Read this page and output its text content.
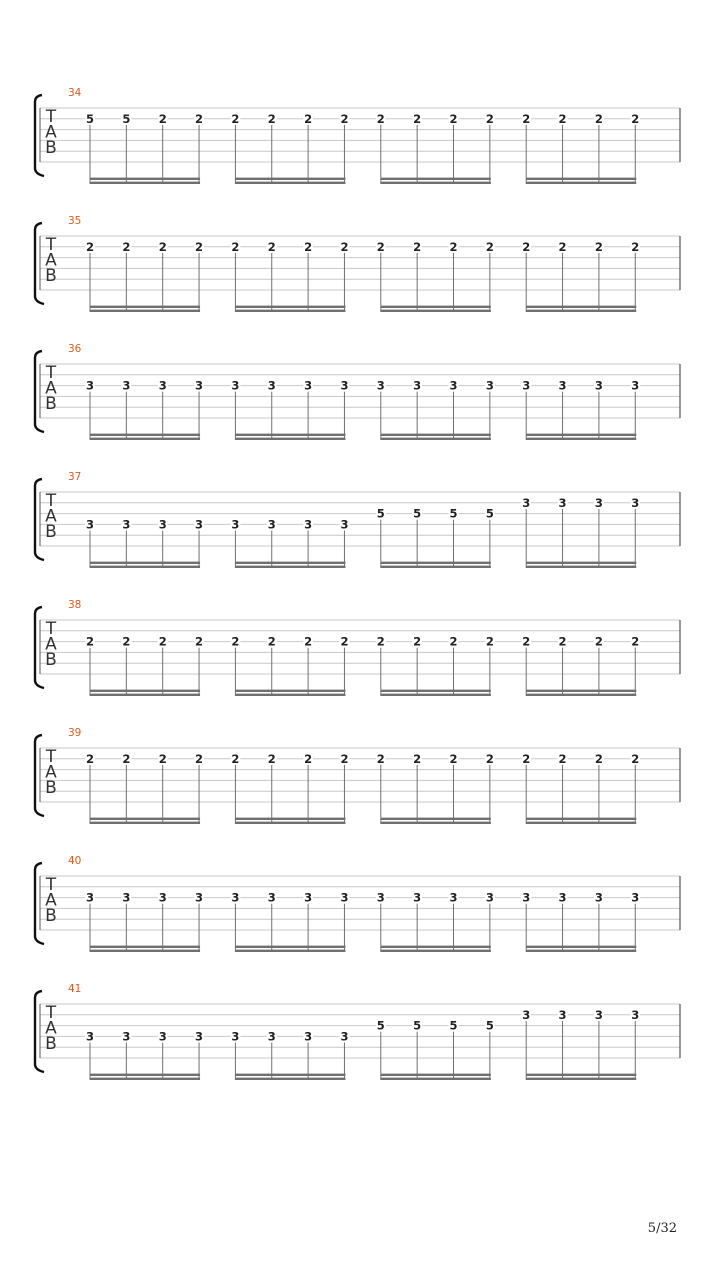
34
T
A
B
5 5 2 2 2 2 2 2 2 2 2 2 2 2 2 2
35
T
A
B
2 2 2 2 2 2 2 2 2 2 2 2 2 2 2 2
36
T
A
B
3 3 3 3 3 3 3 3 3 3 3 3 3 3 3 3
37
T
A
B	3 3 3 3 3 3 3 3
5 5 5 5
3 3 3 3
38
T
A
B
2 2 2 2 2 2 2 2 2 2 2 2 2 2 2 2
39
T
A
B
2 2 2 2 2 2 2 2 2 2 2 2 2 2 2 2
40
T
A
B
3 3 3 3 3 3 3 3 3 3 3 3 3 3 3 3
41
T
A
B	3 3 3 3 3 3 3 3
5 5 5 5
3 3 3 3
5/32
